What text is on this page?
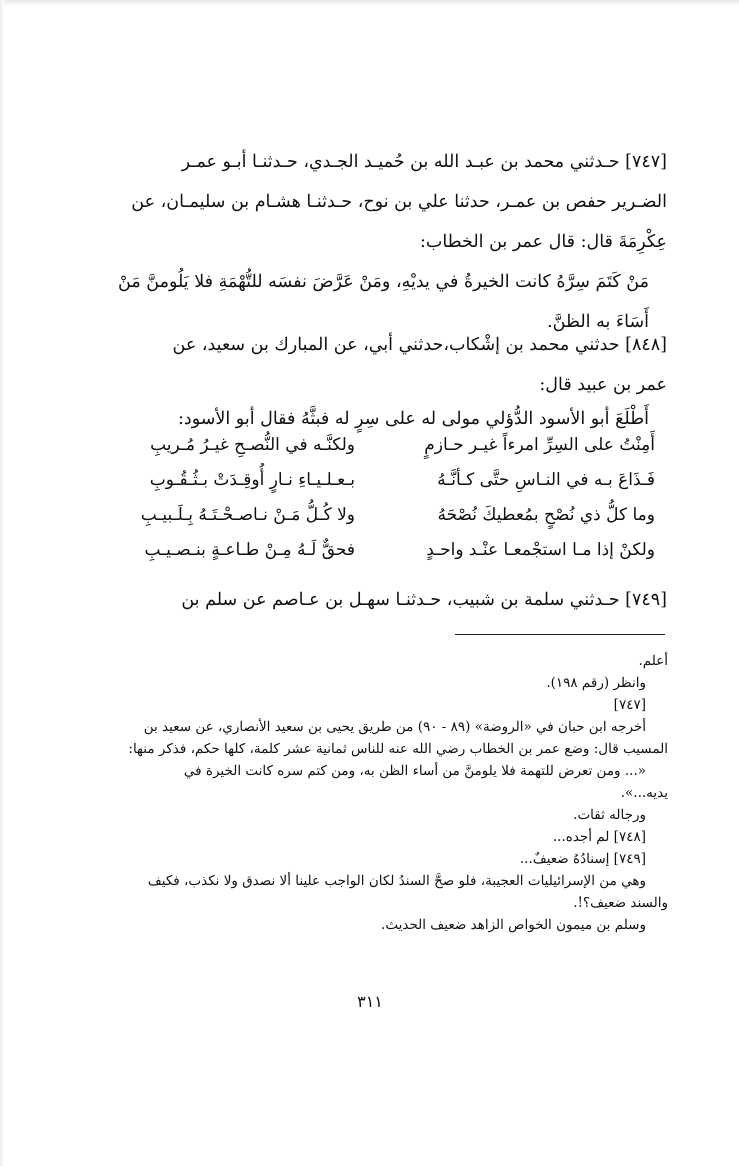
[٧٤٧] حـدثني محمد بن عبـد الله بن حُميـد الجـدي، حـدثنـا أبـو عمـر
الضـرير حفص بن عمـر، حدثنا علي بن نوح، حـدثنـا هشـام بن سليمـان، عن
عِكْرِمَةَ قال: قال عمر بن الخطاب:

مَنْ كَتَمَ سِرَّهُ كانت الخيرةُ في يديْهِ، ومَنْ عَرَّضَ نفسَه للتُّهْمَةِ فلا يَلُومنَّ مَنْ
أَسَاءَ به الظنَّ.

[٨٤٨] حدثني محمد بن إشْكاب،حدثني أبي، عن المبارك بن سعيد، عن
عمر بن عبيد قال:

أَطْلَعَ أبو الأسود الدُّؤلي مولى له على سِرٍ له فبثَّهُ فقال أبو الأسود:

أَمِنْتُ على السِرِّ امرءاً غيـر حـازمٍ
ولكنَّـه في النُّصـحِ غيـرُ مُـريبِ
فَـذَاعَ بـه في النـاسِ حتَّى كـأنَّـهُ
بـعـلـيـاءِ نـارٍ أُوقِـدَتْ بـثُـقُـوبِ
وما كلُّ ذي نُصْحٍ بمُعطيكَ نُصْحَهُ
ولا كُـلُّ مَـنْ نـاصـحْـتَـهُ بِـلَـبيـبِ
ولكنْ إذا مـا استجْمعـا عنْـد واحـدٍ
فحقٌّ لَـهُ مِـنْ طـاعـةٍ بنـصـيـبِ

[٧٤٩] حـدثني سلمة بن شبيب، حـدثنـا سهـل بن عـاصم عن سلم بن

أعلم.
وانظر (رقم ١٩٨).
[٧٤٧]
أخرجه ابن حبان في «الروضة» (٨٩ - ٩٠) من طريق يحيى بن سعيد الأنصاري، عن سعيد بن
المسيب قال: وضع عمر بن الخطاب رضي الله عنه للناس ثمانية عشر كلمة، كلها حكم، فذكر منها:
«... ومن تعرض للتهمة فلا يلومنَّ من أساء الظن به، ومن كتم سره كانت الخيرة في
يديه...».
ورجاله ثقات.
[٧٤٨] لم أجده...
[٧٤٩] إسنادُهُ ضعيفٌ...
وهي من الإسرائيليات العجيبة، فلو صحَّ السندُ لكان الواجب علينا ألا نصدق ولا نكذب، فكيف
والسند ضعيف؟!.
وسلم بن ميمون الخواص الزاهد ضعيف الحديث.
٣١١
